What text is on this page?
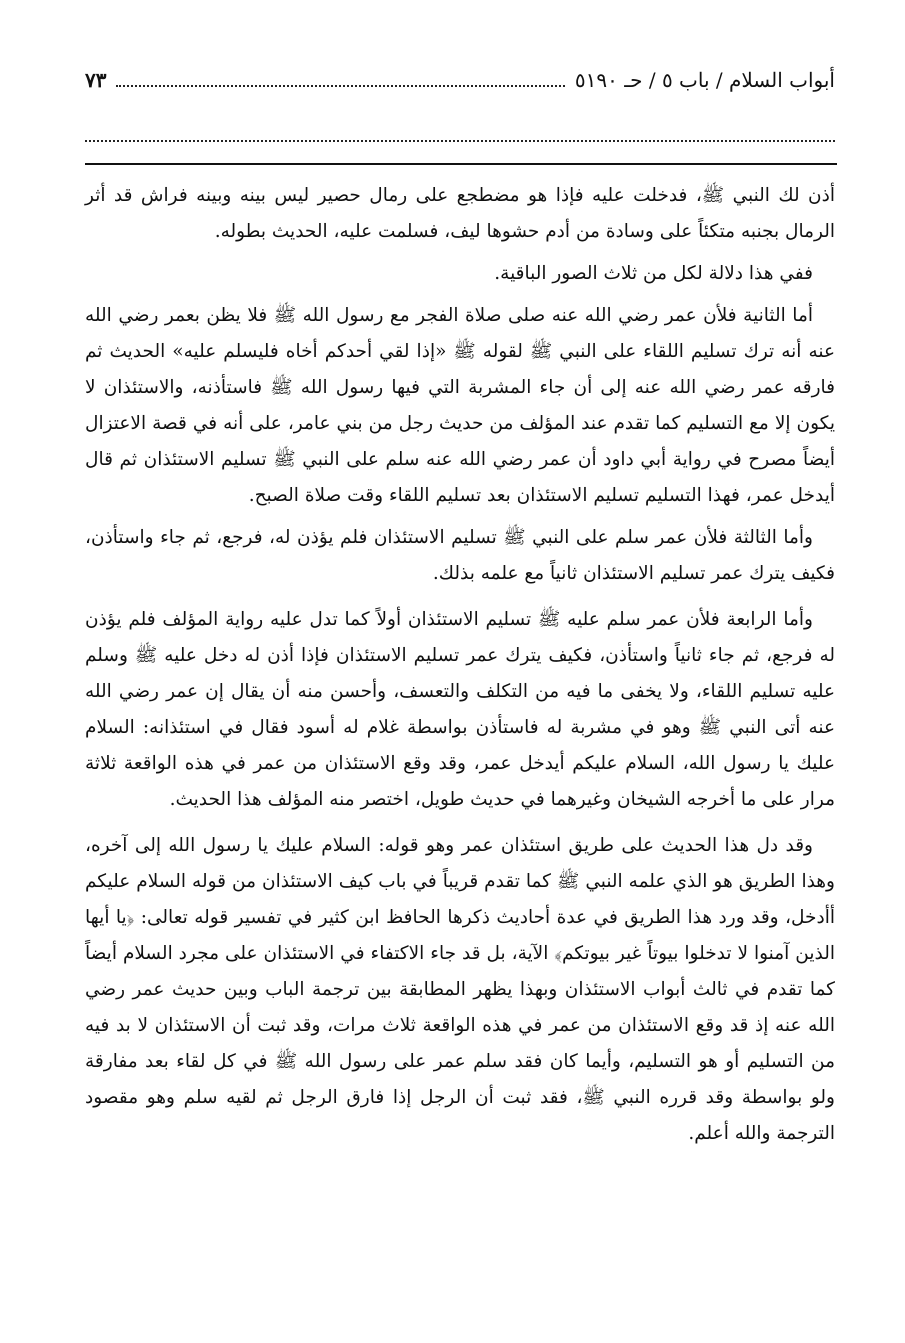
أبواب السلام / باب ٥ / حـ ٥١٩٠
٧٣

أذن لك النبي ﷺ، فدخلت عليه فإذا هو مضطجع على رمال حصير ليس بينه وبينه فراش قد أثر الرمال بجنبه متكئاً على وسادة من أدم حشوها ليف، فسلمت عليه، الحديث بطوله.

ففي هذا دلالة لكل من ثلاث الصور الباقية.

أما الثانية فلأن عمر رضي الله عنه صلى صلاة الفجر مع رسول الله ﷺ فلا يظن بعمر رضي الله عنه أنه ترك تسليم اللقاء على النبي ﷺ لقوله ﷺ «إذا لقي أحدكم أخاه فليسلم عليه» الحديث ثم فارقه عمر رضي الله عنه إلى أن جاء المشربة التي فيها رسول الله ﷺ فاستأذنه، والاستئذان لا يكون إلا مع التسليم كما تقدم عند المؤلف من حديث رجل من بني عامر، على أنه في قصة الاعتزال أيضاً مصرح في رواية أبي داود أن عمر رضي الله عنه سلم على النبي ﷺ تسليم الاستئذان ثم قال أيدخل عمر، فهذا التسليم تسليم الاستئذان بعد تسليم اللقاء وقت صلاة الصبح.

وأما الثالثة فلأن عمر سلم على النبي ﷺ تسليم الاستئذان فلم يؤذن له، فرجع، ثم جاء واستأذن، فكيف يترك عمر تسليم الاستئذان ثانياً مع علمه بذلك.

وأما الرابعة فلأن عمر سلم عليه ﷺ تسليم الاستئذان أولاً كما تدل عليه رواية المؤلف فلم يؤذن له فرجع، ثم جاء ثانياً واستأذن، فكيف يترك عمر تسليم الاستئذان فإذا أذن له دخل عليه ﷺ وسلم عليه تسليم اللقاء، ولا يخفى ما فيه من التكلف والتعسف، وأحسن منه أن يقال إن عمر رضي الله عنه أتى النبي ﷺ وهو في مشربة له فاستأذن بواسطة غلام له أسود فقال في استئذانه: السلام عليك يا رسول الله، السلام عليكم أيدخل عمر، وقد وقع الاستئذان من عمر في هذه الواقعة ثلاثة مرار على ما أخرجه الشيخان وغيرهما في حديث طويل، اختصر منه المؤلف هذا الحديث.

وقد دل هذا الحديث على طريق استئذان عمر وهو قوله: السلام عليك يا رسول الله إلى آخره، وهذا الطريق هو الذي علمه النبي ﷺ كما تقدم قريباً في باب كيف الاستئذان من قوله السلام عليكم أأدخل، وقد ورد هذا الطريق في عدة أحاديث ذكرها الحافظ ابن كثير في تفسير قوله تعالى: ﴿يا أيها الذين آمنوا لا تدخلوا بيوتاً غير بيوتكم﴾ الآية، بل قد جاء الاكتفاء في الاستئذان على مجرد السلام أيضاً كما تقدم في ثالث أبواب الاستئذان وبهذا يظهر المطابقة بين ترجمة الباب وبين حديث عمر رضي الله عنه إذ قد وقع الاستئذان من عمر في هذه الواقعة ثلاث مرات، وقد ثبت أن الاستئذان لا بد فيه من التسليم أو هو التسليم، وأيما كان فقد سلم عمر على رسول الله ﷺ في كل لقاء بعد مفارقة ولو بواسطة وقد قرره النبي ﷺ، فقد ثبت أن الرجل إذا فارق الرجل ثم لقيه سلم وهو مقصود الترجمة والله أعلم.
